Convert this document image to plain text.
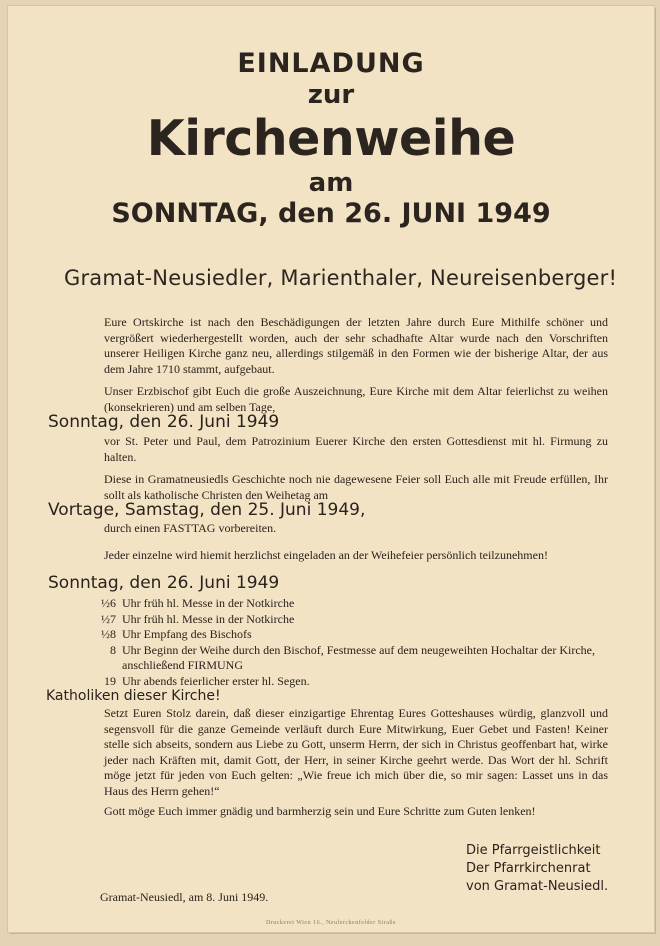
EINLADUNG
zur
Kirchenweihe
am
SONNTAG, den 26. JUNI 1949
Gramat-Neusiedler, Marienthaler, Neureisenberger!
Eure Ortskirche ist nach den Beschädigungen der letzten Jahre durch Eure Mithilfe schöner und vergrößert wiederhergestellt worden, auch der sehr schadhafte Altar wurde nach den Vorschriften unserer Heiligen Kirche ganz neu, allerdings stilgemäß in den Formen wie der bisherige Altar, der aus dem Jahre 1710 stammt, aufgebaut.
Unser Erzbischof gibt Euch die große Auszeichnung, Eure Kirche mit dem Altar feierlichst zu weihen (konsekrieren) und am selben Tage,
Sonntag, den 26. Juni 1949
vor St. Peter und Paul, dem Patrozinium Euerer Kirche den ersten Gottesdienst mit hl. Firmung zu halten.
Diese in Gramatneusiedls Geschichte noch nie dagewesene Feier soll Euch alle mit Freude erfüllen, Ihr sollt als katholische Christen den Weihetag am
Vortage, Samstag, den 25. Juni 1949,
durch einen FASTTAG vorbereiten.
Jeder einzelne wird hiemit herzlichst eingeladen an der Weihefeier persönlich teilzunehmen!
Sonntag, den 26. Juni 1949
½6 Uhr früh hl. Messe in der Notkirche
½7 Uhr früh hl. Messe in der Notkirche
½8 Uhr Empfang des Bischofs
8 Uhr Beginn der Weihe durch den Bischof, Festmesse auf dem neugeweihten Hochaltar der Kirche, anschließend FIRMUNG
19 Uhr abends feierlicher erster hl. Segen.
Katholiken dieser Kirche!
Setzt Euren Stolz darein, daß dieser einzigartige Ehrentag Eures Gotteshauses würdig, glanzvoll und segensvoll für die ganze Gemeinde verläuft durch Eure Mitwirkung, Euer Gebet und Fasten! Keiner stelle sich abseits, sondern aus Liebe zu Gott, unserm Herrn, der sich in Christus geoffenbart hat, wirke jeder nach Kräften mit, damit Gott, der Herr, in seiner Kirche geehrt werde. Das Wort der hl. Schrift möge jetzt für jeden von Euch gelten: „Wie freue ich mich über die, so mir sagen: Lasset uns in das Haus des Herrn gehen!“
Gott möge Euch immer gnädig und barmherzig sein und Eure Schritte zum Guten lenken!
Die Pfarrgeistlichkeit
Der Pfarrkirchenrat
von Gramat-Neusiedl.
Gramat-Neusiedl, am 8. Juni 1949.
Druckerei Wien 16., Neulerchenfelder Straße
